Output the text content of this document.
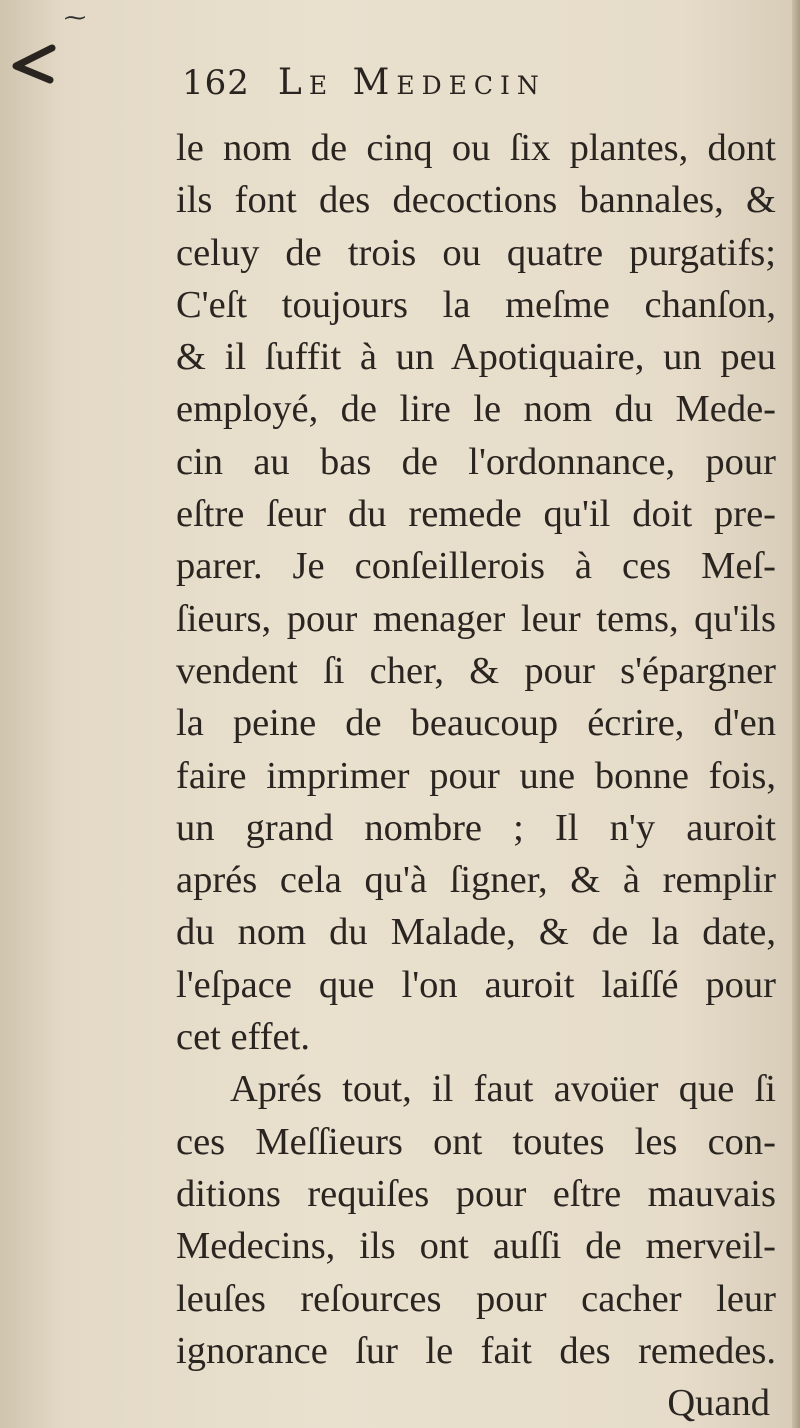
⁓
162 Le Medecin
le nom de cinq ou ſix plantes, dont
ils font des decoctions bannales, &
celuy de trois ou quatre purgatifs;
C'eſt toujours la meſme chanſon,
& il ſuffit à un Apotiquaire, un peu
employé, de lire le nom du Mede-
cin au bas de l'ordonnance, pour
eſtre ſeur du remede qu'il doit pre-
parer. Je conſeillerois à ces Meſ-
ſieurs, pour menager leur tems, qu'ils
vendent ſi cher, & pour s'épargner
la peine de beaucoup écrire, d'en
faire imprimer pour une bonne fois,
un grand nombre ; Il n'y auroit
aprés cela qu'à ſigner, & à remplir
du nom du Malade, & de la date,
l'eſpace que l'on auroit laiſſé pour
cet effet.
Aprés tout, il faut avoüer que ſi
ces Meſſieurs ont toutes les con-
ditions requiſes pour eſtre mauvais
Medecins, ils ont auſſi de merveil-
leuſes reſources pour cacher leur
ignorance ſur le fait des remedes.
Quand
